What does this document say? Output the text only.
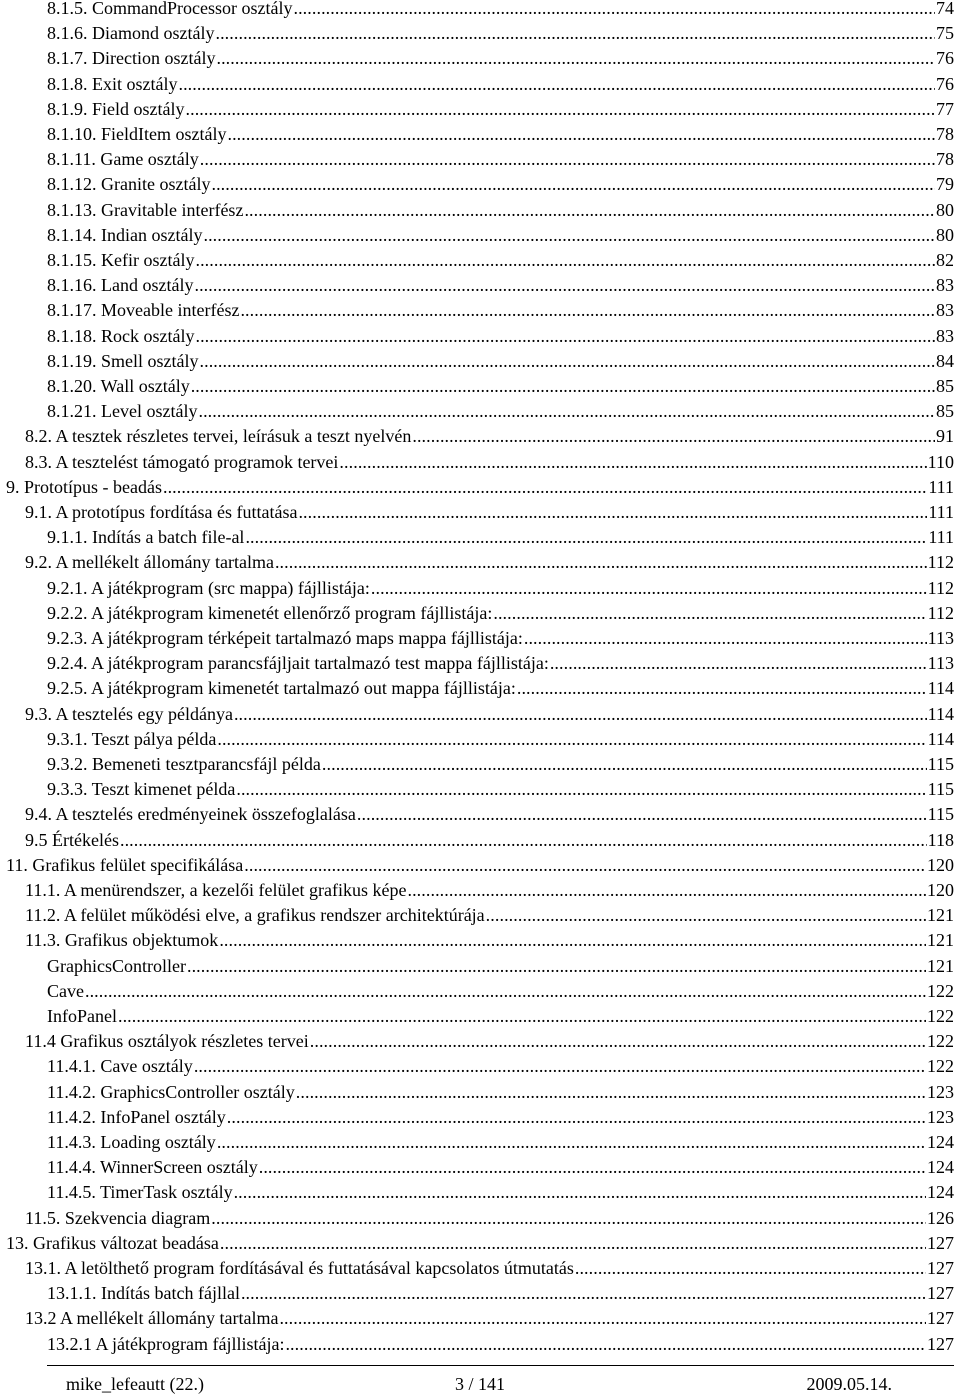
8.1.5. CommandProcessor osztály . . .	74
8.1.6. Diamond osztály . . .	75
8.1.7. Direction osztály . . .	76
8.1.8. Exit osztály . . .	76
8.1.9. Field osztály . . .	77
8.1.10. FieldItem osztály . . .	78
8.1.11. Game osztály . . .	78
8.1.12. Granite osztály . . .	79
8.1.13. Gravitable interfész . . .	80
8.1.14. Indian osztály . . .	80
8.1.15. Kefir osztály . . .	82
8.1.16. Land osztály . . .	83
8.1.17. Moveable interfész . . .	83
8.1.18. Rock osztály . . .	83
8.1.19. Smell osztály . . .	84
8.1.20. Wall osztály . . .	85
8.1.21. Level osztály . . .	85
8.2. A tesztek részletes tervei, leírásuk a teszt nyelvén . . .	91
8.3. A tesztelést támogató programok tervei . . .	110
9. Prototípus - beadás . . .	111
9.1. A prototípus fordítása és futtatása . . .	111
9.1.1. Indítás a batch file-al . . .	111
9.2. A mellékelt állomány tartalma . . .	112
9.2.1. A játékprogram (src mappa) fájllistája: . . .	112
9.2.2. A játékprogram kimenetét ellenőrző program fájllistája: . . .	112
9.2.3. A játékprogram térképeit tartalmazó maps mappa fájllistája: . . .	113
9.2.4. A játékprogram parancsfájljait tartalmazó test mappa fájllistája: . . .	113
9.2.5. A játékprogram kimenetét tartalmazó out mappa fájllistája: . . .	114
9.3. A tesztelés egy példánya . . .	114
9.3.1. Teszt pálya példa . . .	114
9.3.2. Bemeneti tesztparancsfájl példa . . .	115
9.3.3. Teszt kimenet példa . . .	115
9.4. A tesztelés eredményeinek összefoglalása . . .	115
9.5 Értékelés . . .	118
11. Grafikus felület specifikálása . . .	120
11.1. A menürendszer, a kezelői felület grafikus képe . . .	120
11.2. A felület működési elve, a grafikus rendszer architektúrája . . .	121
11.3. Grafikus objektumok . . .	121
GraphicsController . . .	121
Cave . . .	122
InfoPanel . . .	122
11.4 Grafikus osztályok részletes tervei . . .	122
11.4.1. Cave osztály . . .	122
11.4.2. GraphicsController osztály . . .	123
11.4.2. InfoPanel osztály . . .	123
11.4.3. Loading osztály . . .	124
11.4.4. WinnerScreen osztály . . .	124
11.4.5. TimerTask osztály . . .	124
11.5. Szekvencia diagram . . .	126
13. Grafikus változat beadása . . .	127
13.1. A letölthető program fordításával és futtatásával kapcsolatos útmutatás . . .	127
13.1.1. Indítás batch fájllal . . .	127
13.2 A mellékelt állomány tartalma . . .	127
13.2.1 A játékprogram fájllistája: . . .	127
mike_lefeautt (22.)	3 / 141	2009.05.14.
